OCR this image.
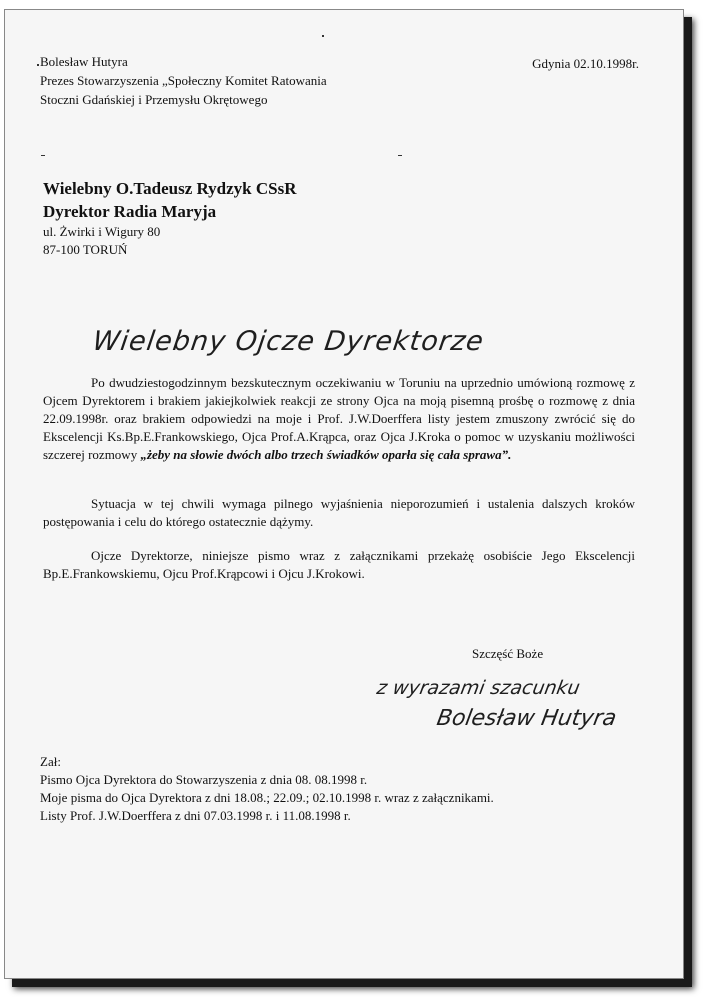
Bolesław Hutyra
Prezes Stowarzyszenia „Społeczny Komitet Ratowania
Stoczni Gdańskiej i Przemysłu Okrętowego
Gdynia 02.10.1998r.
Wielebny O.Tadeusz Rydzyk CSsR
Dyrektor Radia Maryja
ul. Żwirki i Wigury 80
87-100 TORUŃ
Wielebny Ojcze Dyrektorze
Po dwudziestogodzinnym bezskutecznym oczekiwaniu w Toruniu na uprzednio umówioną rozmowę z Ojcem Dyrektorem i brakiem jakiejkolwiek reakcji ze strony Ojca na moją pisemną prośbę o rozmowę z dnia 22.09.1998r. oraz brakiem odpowiedzi na moje i Prof. J.W.Doerffera listy jestem zmuszony zwrócić się do Ekscelencji Ks.Bp.E.Frankowskiego, Ojca Prof.A.Krąpca, oraz Ojca J.Kroka o pomoc w uzyskaniu możliwości szczerej rozmowy „żeby na słowie dwóch albo trzech świadków oparła się cała sprawa”.
Sytuacja w tej chwili wymaga pilnego wyjaśnienia nieporozumień i ustalenia dalszych kroków postępowania i celu do którego ostatecznie dążymy.
Ojcze Dyrektorze, niniejsze pismo wraz z załącznikami przekażę osobiście Jego Ekscelencji Bp.E.Frankowskiemu, Ojcu Prof.Krąpcowi i Ojcu J.Krokowi.
Szczęść Boże
z wyrazami szacunku
Bolesław Hutyra
Zał:
Pismo Ojca Dyrektora do Stowarzyszenia z dnia 08. 08.1998 r.
Moje pisma do Ojca Dyrektora z dni 18.08.; 22.09.; 02.10.1998 r. wraz z załącznikami.
Listy Prof. J.W.Doerffera z dni 07.03.1998 r. i 11.08.1998 r.
